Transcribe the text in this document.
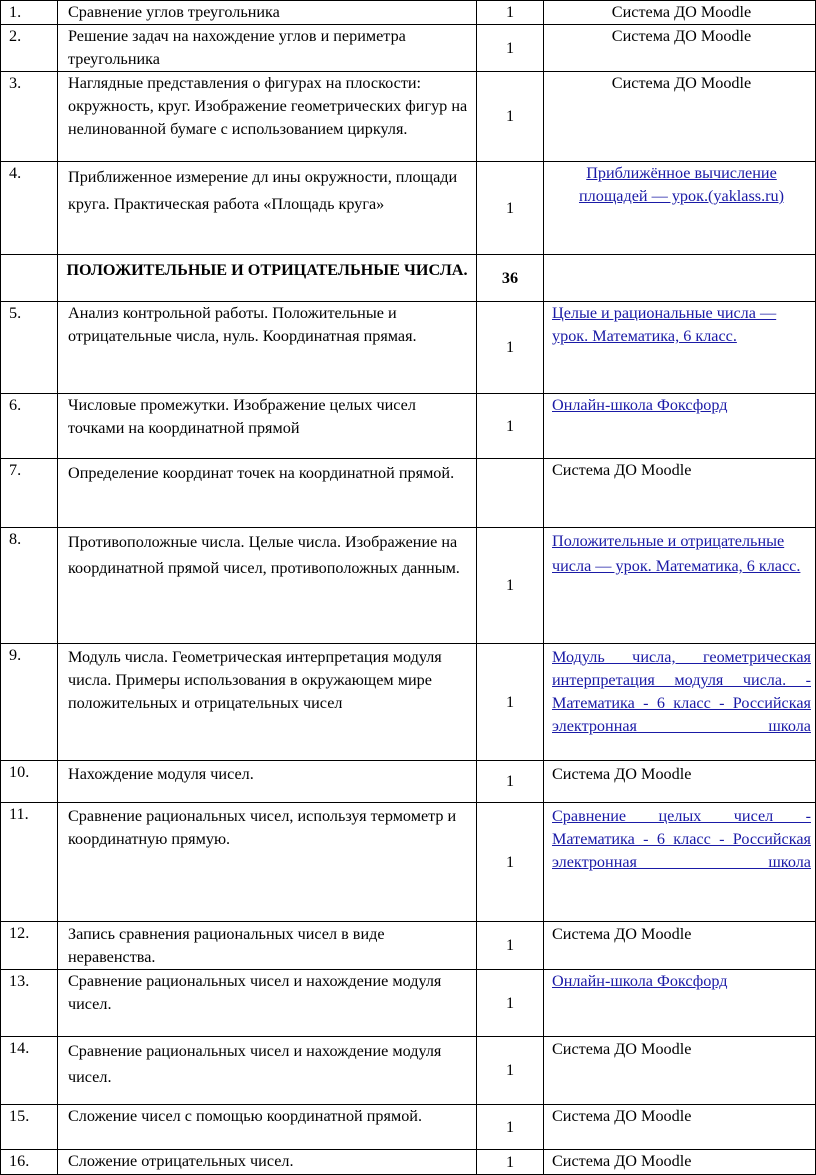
1.	Сравнение углов треугольника	1	Система ДО Moodle
2.	Решение задач на нахождение углов и периметра треугольника	1	Система ДО Moodle
3.	Наглядные представления о фигурах на плоскости: окружность, круг. Изображение геометрических фигур на нелинованной бумаге с использованием циркуля.	1	Система ДО Moodle
4.	Приближенное измерение дл ины окружности, площади круга. Практическая работа «Площадь круга»	1	Приближённое вычисление площадей — урок.(yaklass.ru)
	ПОЛОЖИТЕЛЬНЫЕ И ОТРИЦАТЕЛЬНЫЕ ЧИСЛА.	36	
5.	Анализ контрольной работы. Положительные и отрицательные числа, нуль. Координатная прямая.	1	Целые и рациональные числа — урок. Математика, 6 класс.
6.	Числовые промежутки. Изображение целых чисел точками на координатной прямой	1	Онлайн-школа Фоксфорд
7.	Определение координат точек на координатной прямой.		Система ДО Moodle
8.	Противоположные числа. Целые числа. Изображение на координатной прямой чисел, противоположных данным.	1	Положительные и отрицательные числа — урок. Математика, 6 класс.
9.	Модуль числа. Геометрическая интерпретация модуля числа. Примеры использования в окружающем мире положительных и отрицательных чисел	1	Модуль числа, геометрическая интерпретация модуля числа. - Математика - 6 класс - Российская электронная школа
10.	Нахождение модуля чисел.	1	Система ДО Moodle
11.	Сравнение рациональных чисел, используя термометр и координатную прямую.	1	Сравнение целых чисел - Математика - 6 класс - Российская электронная школа
12.	Запись сравнения рациональных чисел в виде неравенства.	1	Система ДО Moodle
13.	Сравнение рациональных чисел и нахождение модуля чисел.	1	Онлайн-школа Фоксфорд
14.	Сравнение рациональных чисел и нахождение модуля чисел.	1	Система ДО Moodle
15.	Сложение чисел с помощью координатной прямой.	1	Система ДО Moodle
16.	Сложение отрицательных чисел.	1	Система ДО Moodle
